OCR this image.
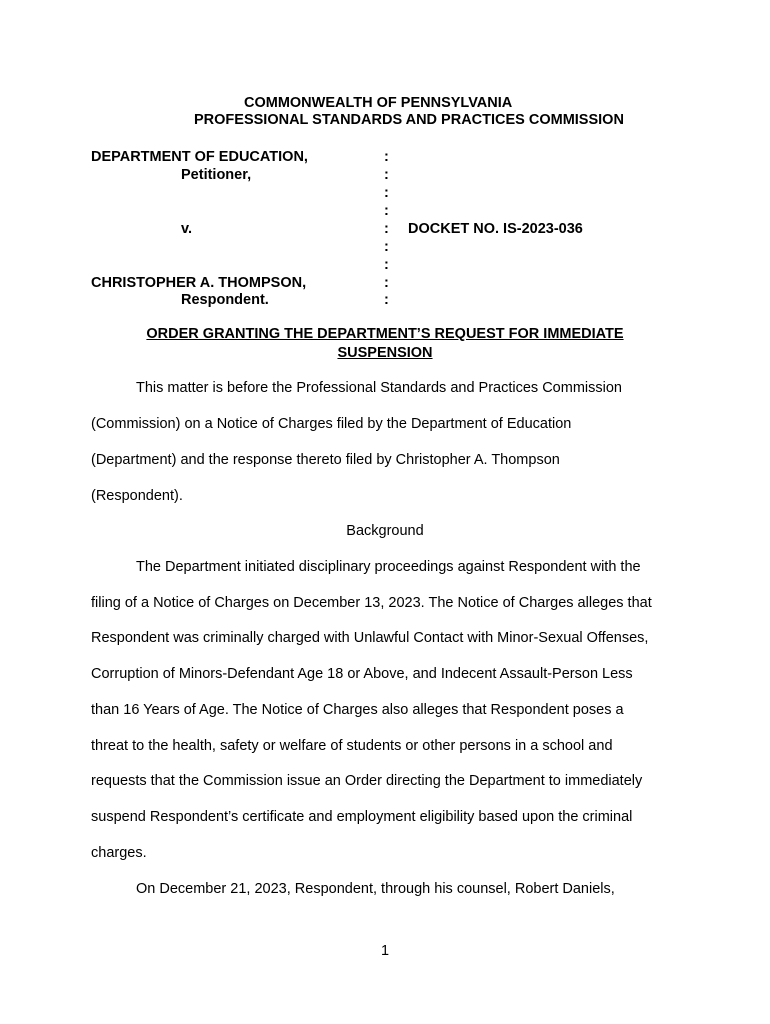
COMMONWEALTH OF PENNSYLVANIA
PROFESSIONAL STANDARDS AND PRACTICES COMMISSION
DEPARTMENT OF EDUCATION,
Petitioner,
v.
CHRISTOPHER A. THOMPSON,
Respondent.
:
:
:
:
:
:
:
:
:
DOCKET NO. IS-2023-036
ORDER GRANTING THE DEPARTMENT’S REQUEST FOR IMMEDIATE
SUSPENSION
This matter is before the Professional Standards and Practices Commission
(Commission) on a Notice of Charges filed by the Department of Education
(Department) and the response thereto filed by Christopher A. Thompson
(Respondent).
Background
The Department initiated disciplinary proceedings against Respondent with the
filing of a Notice of Charges on December 13, 2023. The Notice of Charges alleges that
Respondent was criminally charged with Unlawful Contact with Minor-Sexual Offenses,
Corruption of Minors-Defendant Age 18 or Above, and Indecent Assault-Person Less
than 16 Years of Age. The Notice of Charges also alleges that Respondent poses a
threat to the health, safety or welfare of students or other persons in a school and
requests that the Commission issue an Order directing the Department to immediately
suspend Respondent’s certificate and employment eligibility based upon the criminal
charges.
On December 21, 2023, Respondent, through his counsel, Robert Daniels,
1
